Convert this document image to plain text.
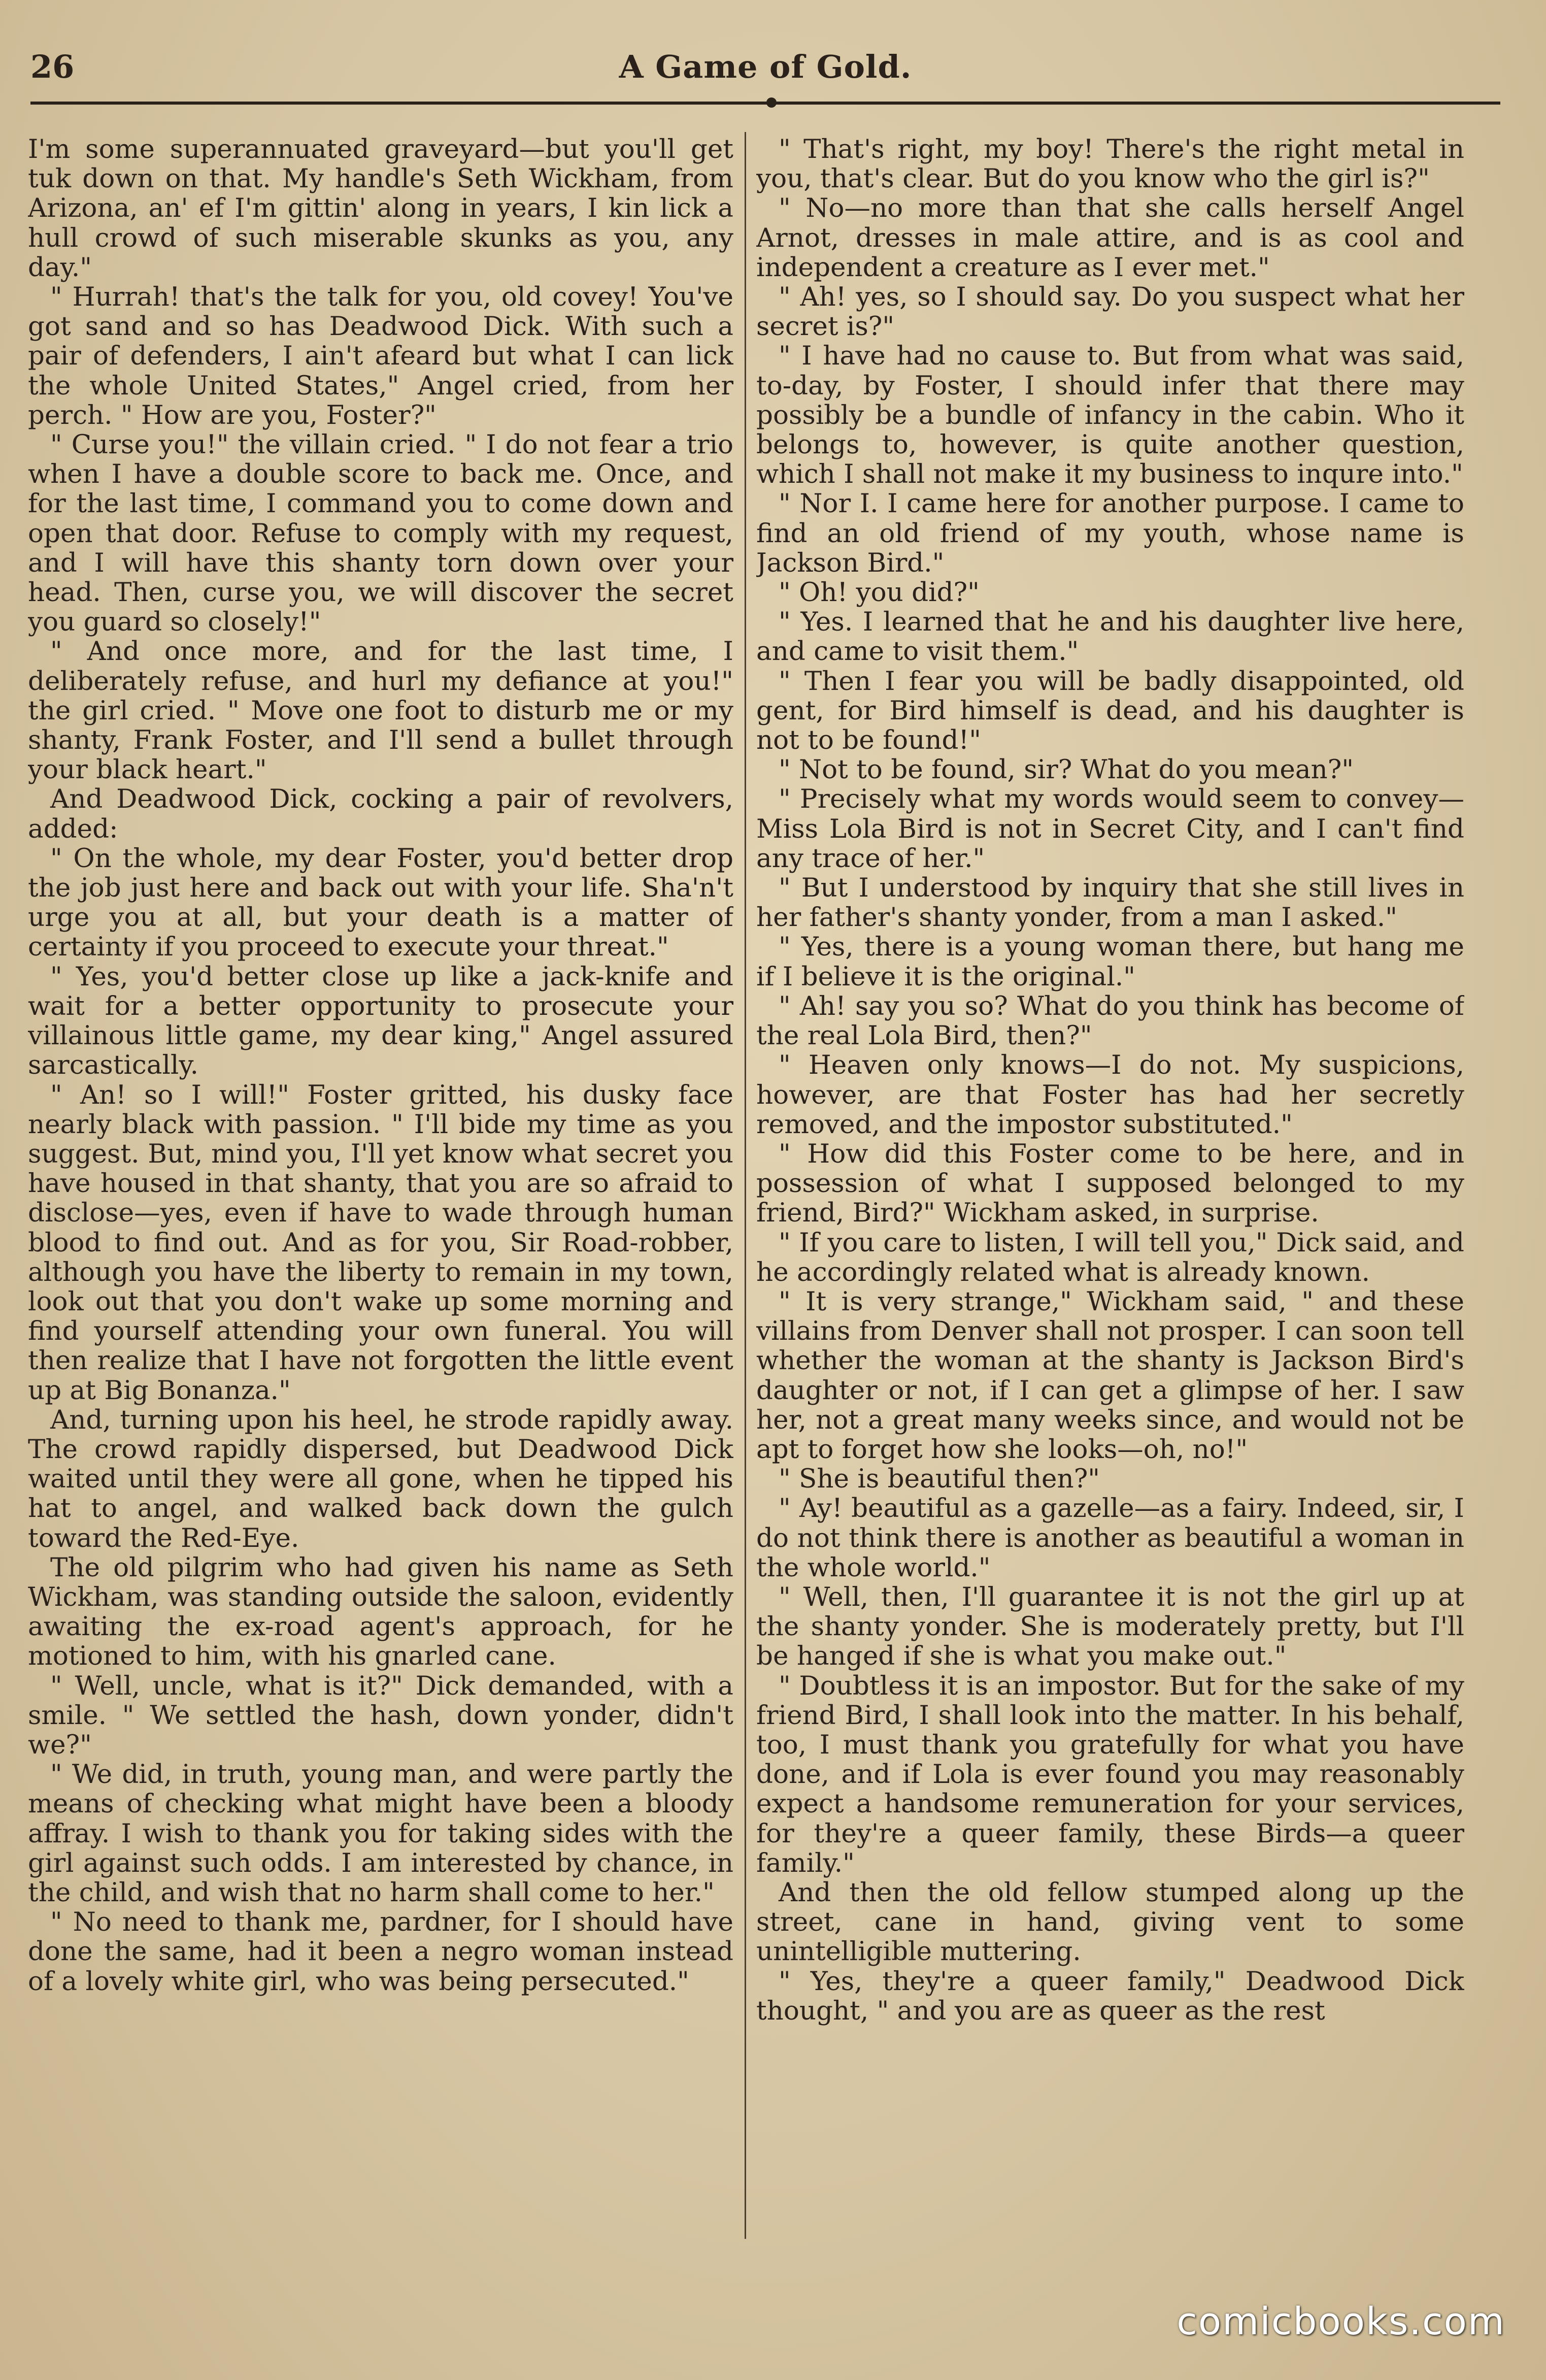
26	A Game of Gold.

I'm some superannuated graveyard—but you'll get tuk down on that. My handle's Seth Wickham, from Arizona, an' ef I'm gittin' along in years, I kin lick a hull crowd of such miserable skunks as you, any day."

" Hurrah! that's the talk for you, old covey! You've got sand and so has Deadwood Dick. With such a pair of defenders, I ain't afeard but what I can lick the whole United States," Angel cried, from her perch. " How are you, Foster?"

" Curse you!" the villain cried. " I do not fear a trio when I have a double score to back me. Once, and for the last time, I command you to come down and open that door. Refuse to comply with my request, and I will have this shanty torn down over your head. Then, curse you, we will discover the secret you guard so closely!"

" And once more, and for the last time, I deliberately refuse, and hurl my defiance at you!" the girl cried. " Move one foot to disturb me or my shanty, Frank Foster, and I'll send a bullet through your black heart."

And Deadwood Dick, cocking a pair of revolvers, added:

" On the whole, my dear Foster, you'd better drop the job just here and back out with your life. Sha'n't urge you at all, but your death is a matter of certainty if you proceed to execute your threat."

" Yes, you'd better close up like a jack-knife and wait for a better opportunity to prosecute your villainous little game, my dear king," Angel assured sarcastically.

" An! so I will!" Foster gritted, his dusky face nearly black with passion. " I'll bide my time as you suggest. But, mind you, I'll yet know what secret you have housed in that shanty, that you are so afraid to disclose—yes, even if have to wade through human blood to find out. And as for you, Sir Road-robber, although you have the liberty to remain in my town, look out that you don't wake up some morning and find yourself attending your own funeral. You will then realize that I have not forgotten the little event up at Big Bonanza."

And, turning upon his heel, he strode rapidly away. The crowd rapidly dispersed, but Deadwood Dick waited until they were all gone, when he tipped his hat to angel, and walked back down the gulch toward the Red-Eye.

The old pilgrim who had given his name as Seth Wickham, was standing outside the saloon, evidently awaiting the ex-road agent's approach, for he motioned to him, with his gnarled cane.

" Well, uncle, what is it?" Dick demanded, with a smile. " We settled the hash, down yonder, didn't we?"

" We did, in truth, young man, and were partly the means of checking what might have been a bloody affray. I wish to thank you for taking sides with the girl against such odds. I am interested by chance, in the child, and wish that no harm shall come to her."

" No need to thank me, pardner, for I should have done the same, had it been a negro woman instead of a lovely white girl, who was being persecuted."

" That's right, my boy! There's the right metal in you, that's clear. But do you know who the girl is?"

" No—no more than that she calls herself Angel Arnot, dresses in male attire, and is as cool and independent a creature as I ever met."

" Ah! yes, so I should say. Do you suspect what her secret is?"

" I have had no cause to. But from what was said, to-day, by Foster, I should infer that there may possibly be a bundle of infancy in the cabin. Who it belongs to, however, is quite another question, which I shall not make it my business to inqure into."

" Nor I. I came here for another purpose. I came to find an old friend of my youth, whose name is Jackson Bird."

" Oh! you did?"

" Yes. I learned that he and his daughter live here, and came to visit them."

" Then I fear you will be badly disappointed, old gent, for Bird himself is dead, and his daughter is not to be found!"

" Not to be found, sir? What do you mean?"

" Precisely what my words would seem to convey—Miss Lola Bird is not in Secret City, and I can't find any trace of her."

" But I understood by inquiry that she still lives in her father's shanty yonder, from a man I asked."

" Yes, there is a young woman there, but hang me if I believe it is the original."

" Ah! say you so? What do you think has become of the real Lola Bird, then?"

" Heaven only knows—I do not. My suspicions, however, are that Foster has had her secretly removed, and the impostor substituted."

" How did this Foster come to be here, and in possession of what I supposed belonged to my friend, Bird?" Wickham asked, in surprise.

" If you care to listen, I will tell you," Dick said, and he accordingly related what is already known.

" It is very strange," Wickham said, " and these villains from Denver shall not prosper. I can soon tell whether the woman at the shanty is Jackson Bird's daughter or not, if I can get a glimpse of her. I saw her, not a great many weeks since, and would not be apt to forget how she looks—oh, no!"

" She is beautiful then?"

" Ay! beautiful as a gazelle—as a fairy. Indeed, sir, I do not think there is another as beautiful a woman in the whole world."

" Well, then, I'll guarantee it is not the girl up at the shanty yonder. She is moderately pretty, but I'll be hanged if she is what you make out."

" Doubtless it is an impostor. But for the sake of my friend Bird, I shall look into the matter. In his behalf, too, I must thank you gratefully for what you have done, and if Lola is ever found you may reasonably expect a handsome remuneration for your services, for they're a queer family, these Birds—a queer family."

And then the old fellow stumped along up the street, cane in hand, giving vent to some unintelligible muttering.

" Yes, they're a queer family," Deadwood Dick thought, " and you are as queer as the rest

comicbooks.com
